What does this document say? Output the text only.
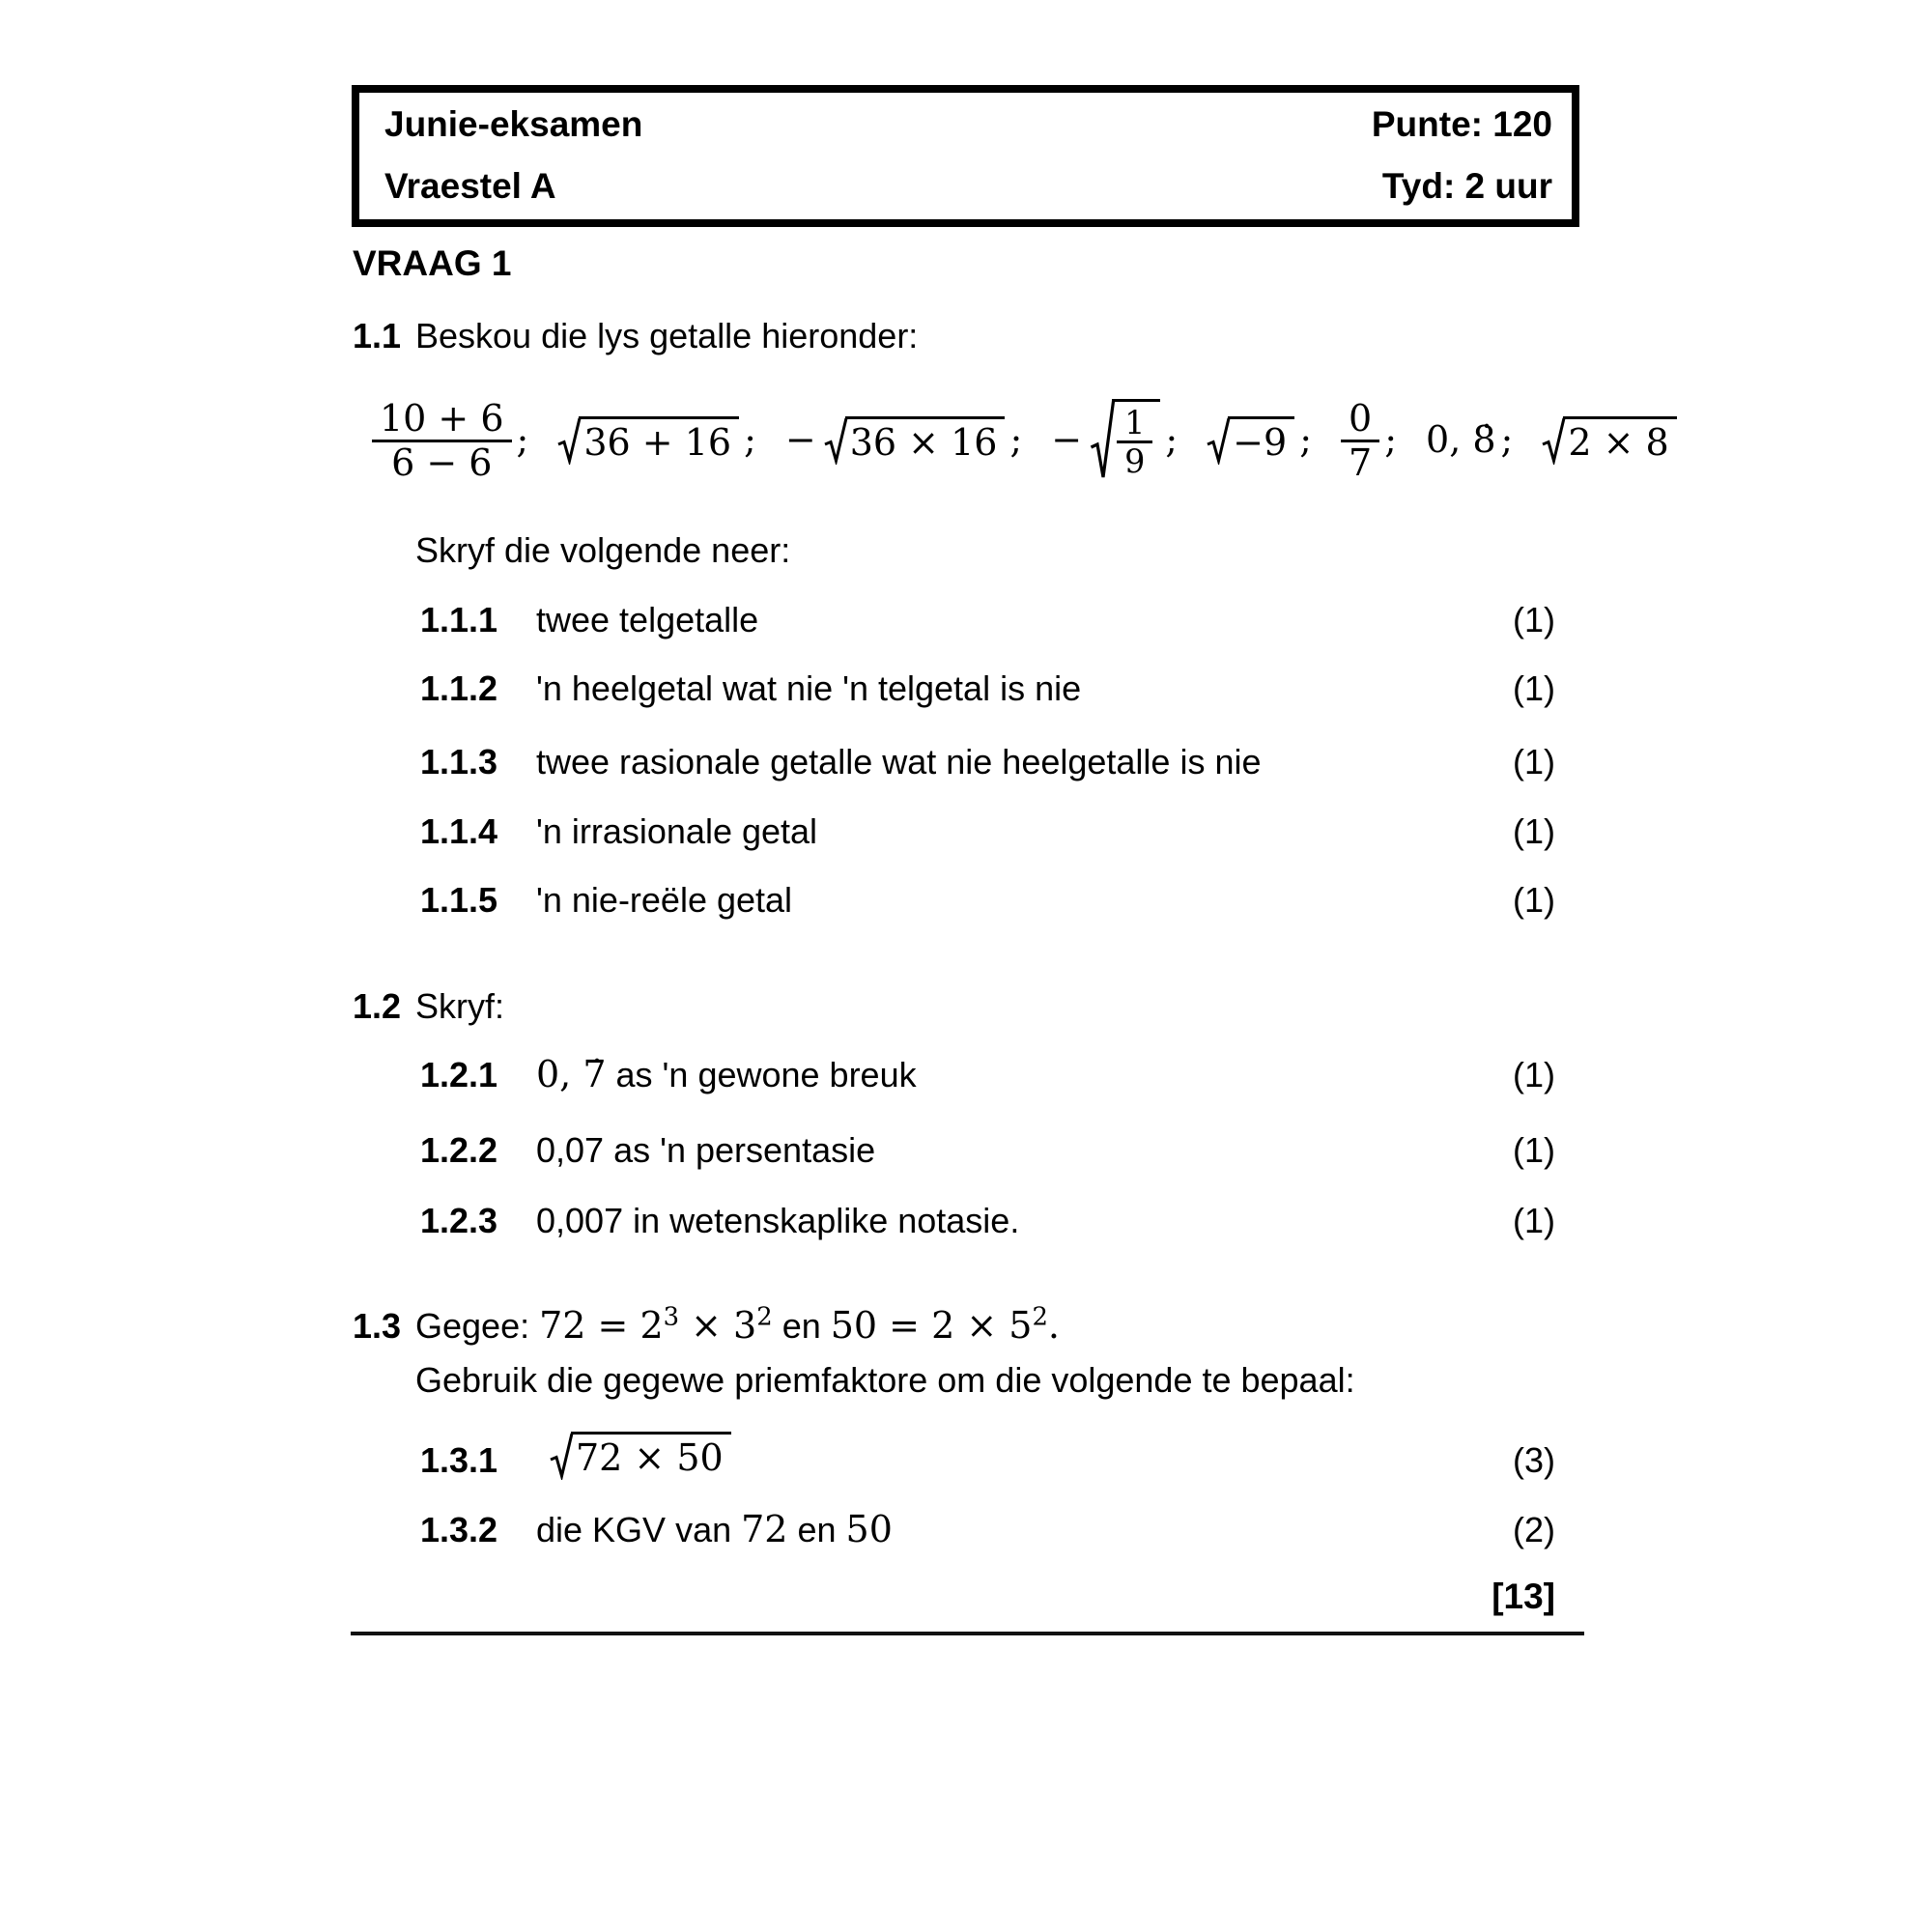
Junie-eksamen	Punte: 120
Vraestel A	Tyd: 2 uur
VRAAG 1
1.1 Beskou die lys getalle hieronder:
$\frac{10 + 6}{6 - 6}$ ; 36 + 16 ; − 36 × 16 ; − $\frac{1}{9}$ ; −9 ; $\frac{0}{7}$ ; 0, 8̇ ; 2 × 8
Skryf die volgende neer:
1.1.1	twee telgetalle	(1)
1.1.2	'n heelgetal wat nie 'n telgetal is nie	(1)
1.1.3	twee rasionale getalle wat nie heelgetalle is nie	(1)
1.1.4	'n irrasionale getal	(1)
1.1.5	'n nie-reële getal	(1)
1.2 Skryf:
1.2.1	0, 7̇ as 'n gewone breuk	(1)
1.2.2	0,07 as 'n persentasie	(1)
1.2.3	0,007 in wetenskaplike notasie.	(1)
1.3 Gegee: $72 = 2^3 \times 3^2$ en $50 = 2 \times 5^2$.
Gebruik die gegewe priemfaktore om die volgende te bepaal:
1.3.1	72 × 50	(3)
1.3.2	die KGV van 72 en 50	(2)
[13]
